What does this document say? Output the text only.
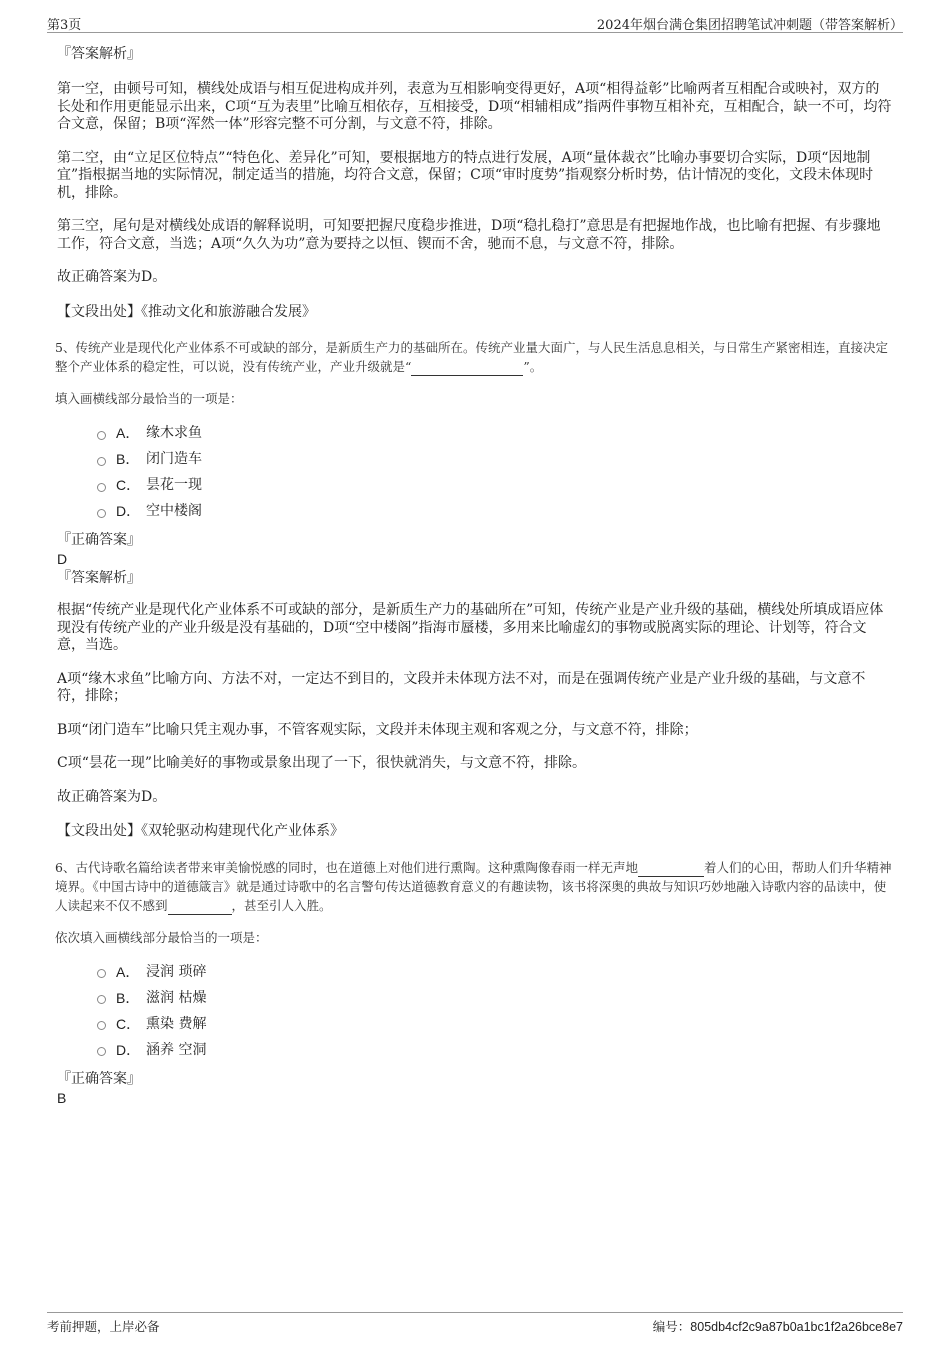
第3页	2024年烟台满仓集团招聘笔试冲刺题（带答案解析）
『答案解析』

第一空，由顿号可知，横线处成语与相互促进构成并列，表意为互相影响变得更好，A项“相得益彰”比喻两者互相配合或映衬，双方的长处和作用更能显示出来，C项“互为表里”比喻互相依存，互相接受，D项“相辅相成”指两件事物互相补充，互相配合，缺一不可，均符合文意，保留；B项“浑然一体”形容完整不可分割，与文意不符，排除。

第二空，由“立足区位特点”“特色化、差异化”可知，要根据地方的特点进行发展，A项“量体裁衣”比喻办事要切合实际，D项“因地制宜”指根据当地的实际情况，制定适当的措施，均符合文意，保留；C项“审时度势”指观察分析时势，估计情况的变化，文段未体现时机，排除。

第三空，尾句是对横线处成语的解释说明，可知要把握尺度稳步推进，D项“稳扎稳打”意思是有把握地作战，也比喻有把握、有步骤地工作，符合文意，当选；A项“久久为功”意为要持之以恒、锲而不舍，驰而不息，与文意不符，排除。

故正确答案为D。

【文段出处】《推动文化和旅游融合发展》

5、传统产业是现代化产业体系不可或缺的部分，是新质生产力的基础所在。传统产业量大面广，与人民生活息息相关，与日常生产紧密相连，直接决定整个产业体系的稳定性，可以说，没有传统产业，产业升级就是“	”。

填入画横线部分最恰当的一项是：

A． 缘木求鱼
B． 闭门造车
C． 昙花一现
D． 空中楼阁
『正确答案』
D
『答案解析』

根据“传统产业是现代化产业体系不可或缺的部分，是新质生产力的基础所在”可知，传统产业是产业升级的基础，横线处所填成语应体现没有传统产业的产业升级是没有基础的，D项“空中楼阁”指海市蜃楼，多用来比喻虚幻的事物或脱离实际的理论、计划等，符合文意，当选。

A项“缘木求鱼”比喻方向、方法不对，一定达不到目的，文段并未体现方法不对，而是在强调传统产业是产业升级的基础，与文意不符，排除；

B项“闭门造车”比喻只凭主观办事，不管客观实际，文段并未体现主观和客观之分，与文意不符，排除；

C项“昙花一现”比喻美好的事物或景象出现了一下，很快就消失，与文意不符，排除。

故正确答案为D。

【文段出处】《双轮驱动构建现代化产业体系》

6、古代诗歌名篇给读者带来审美愉悦感的同时，也在道德上对他们进行熏陶。这种熏陶像春雨一样无声地	着人们的心田，帮助人们升华精神境界。《中国古诗中的道德箴言》就是通过诗歌中的名言警句传达道德教育意义的有趣读物，该书将深奥的典故与知识巧妙地融入诗歌内容的品读中，使人读起来不仅不感到	，甚至引人入胜。

依次填入画横线部分最恰当的一项是：

A． 浸润 琐碎
B． 滋润 枯燥
C． 熏染 费解
D． 涵养 空洞
『正确答案』
B
考前押题，上岸必备	编号：805db4cf2c9a87b0a1bc1f2a26bce8e7
